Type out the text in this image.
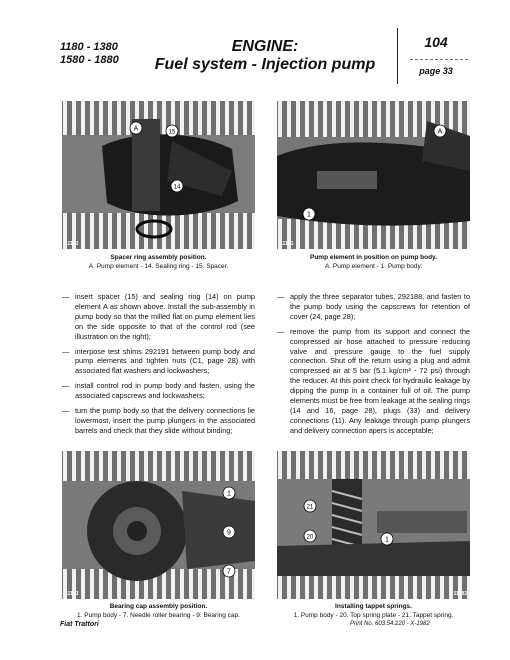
1180 - 1380
1580 - 1880
ENGINE:
Fuel system - Injection pump
104
page 33
A	15
14
11122
Spacer ring assembly position.
A. Pump element - 14. Sealing ring - 15. Spacer.
A
1
11181
Pump element in position on pump body.
A. Pump element - 1. Pump body.
— insert spacer (15) and sealing ring (14) on pump element A as shown above. Install the sub-assembly in pump body so that the milled flat on pump element lies on the side opposite to that of the control rod (see illustration on the right);
— interpose test shims 292191 between pump body and pump elements and tighten nuts (C1, page 28) with associated flat washers and lockwashers;
— install control rod in pump body and fasten, using the associated capscrews and lockwashers;
— turn the pump body so that the delivery connections lie lowermost, insert the pump plungers in the associated barrels and check that they slide without binding;
— apply the three separator tubes, 292188, and fasten to the pump body using the capscrews for retention of cover (24, page 28);
— remove the pump from its support and connect the compressed air hose attached to pressure reducing valve and pressure gauge to the fuel supply connection. Shut off the return using a plug and admit compressed air at 5 bar (5.1 kg/cm² - 72 psi) through the reducer. At this point check for hydraulic leakage by dipping the pump in a container full of oil. The pump elements must be free from leakage at the sealing rings (14 and 16, page 28), plugs (33) and delivery connections (11). Any leakage through pump plungers and delivery connection apers is acceptable;
1
9
7
11183
Bearing cap assembly position.
1. Pump body - 7. Needle roller bearing - 9. Bearing cap.
21
20	1
11182
Installing tappet springs.
1. Pump body - 20. Top spring plate - 21. Tappet spring.
Fiat Trattori	Print No. 603.54.220 - X-1982
